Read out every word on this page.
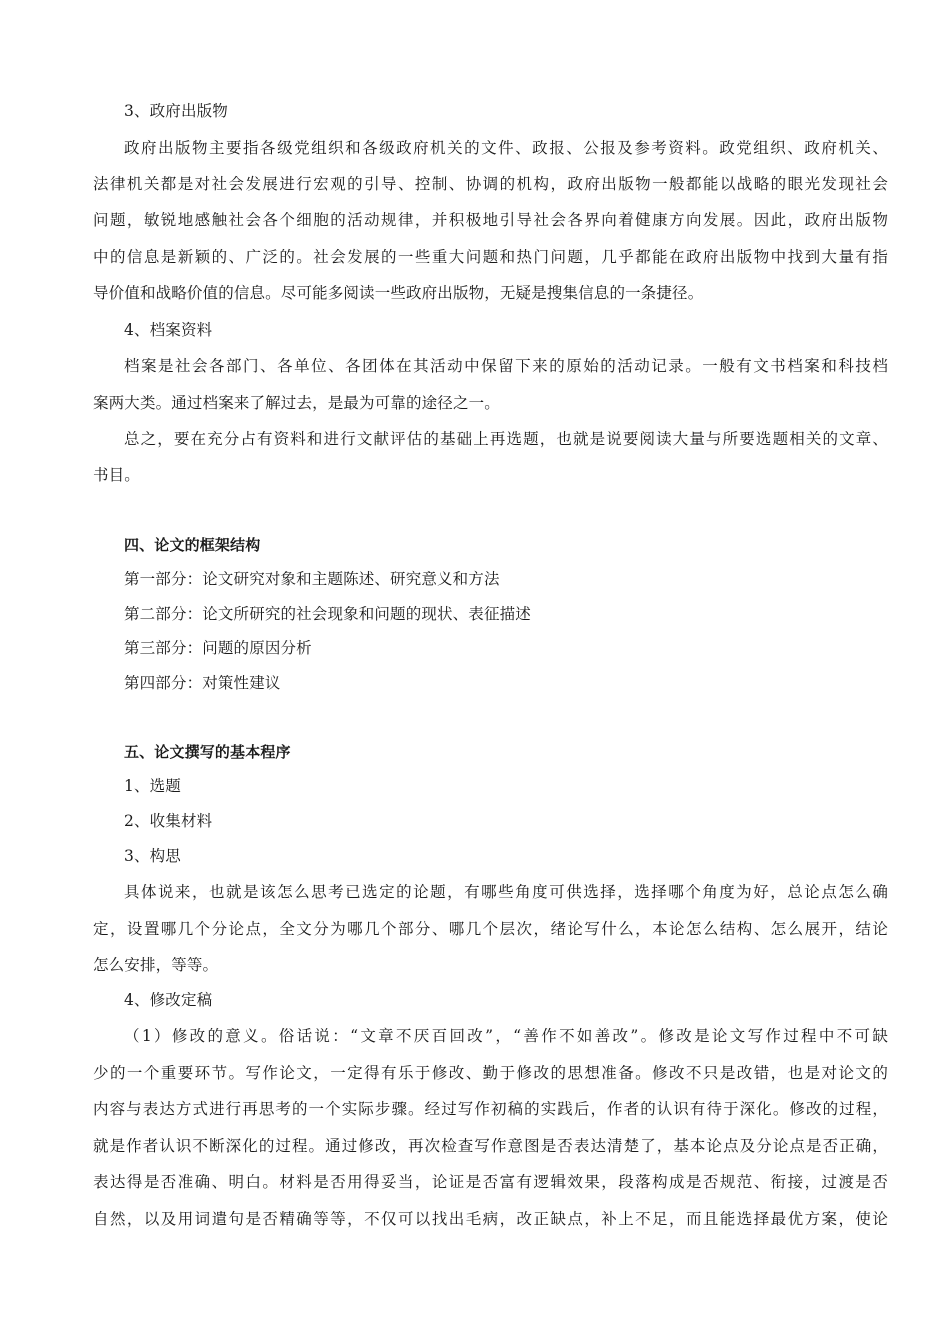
3、政府出版物
政府出版物主要指各级党组织和各级政府机关的文件、政报、公报及参考资料。政党组织、政府机关、
法律机关都是对社会发展进行宏观的引导、控制、协调的机构，政府出版物一般都能以战略的眼光发现社会
问题，敏锐地感触社会各个细胞的活动规律，并积极地引导社会各界向着健康方向发展。因此，政府出版物
中的信息是新颖的、广泛的。社会发展的一些重大问题和热门问题，几乎都能在政府出版物中找到大量有指
导价值和战略价值的信息。尽可能多阅读一些政府出版物，无疑是搜集信息的一条捷径。
4、档案资料
档案是社会各部门、各单位、各团体在其活动中保留下来的原始的活动记录。一般有文书档案和科技档
案两大类。通过档案来了解过去，是最为可靠的途径之一。
总之，要在充分占有资料和进行文献评估的基础上再选题，也就是说要阅读大量与所要选题相关的文章、
书目。
四、论文的框架结构
第一部分：论文研究对象和主题陈述、研究意义和方法
第二部分：论文所研究的社会现象和问题的现状、表征描述
第三部分：问题的原因分析
第四部分：对策性建议
五、论文撰写的基本程序
1、选题
2、收集材料
3、构思
具体说来，也就是该怎么思考已选定的论题，有哪些角度可供选择，选择哪个角度为好，总论点怎么确
定，设置哪几个分论点，全文分为哪几个部分、哪几个层次，绪论写什么，本论怎么结构、怎么展开，结论
怎么安排，等等。
4、修改定稿
（1）修改的意义。俗话说：“文章不厌百回改”，“善作不如善改”。修改是论文写作过程中不可缺
少的一个重要环节。写作论文，一定得有乐于修改、勤于修改的思想准备。修改不只是改错，也是对论文的
内容与表达方式进行再思考的一个实际步骤。经过写作初稿的实践后，作者的认识有待于深化。修改的过程，
就是作者认识不断深化的过程。通过修改，再次检查写作意图是否表达清楚了，基本论点及分论点是否正确，
表达得是否准确、明白。材料是否用得妥当，论证是否富有逻辑效果，段落构成是否规范、衔接，过渡是否
自然，以及用词遣句是否精确等等，不仅可以找出毛病，改正缺点，补上不足，而且能选择最优方案，使论
